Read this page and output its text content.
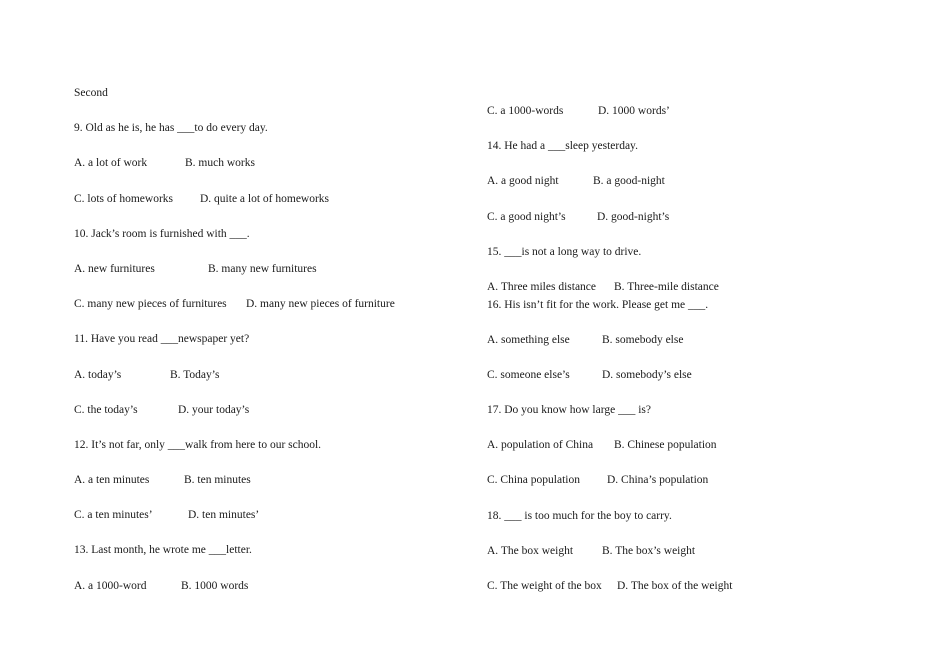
Second
9. Old as he is, he has ___to do every day.
A. a lot of work	B. much works
C. lots of homeworks D. quite a lot of homeworks
10. Jack’s room is furnished with ___.
A. new furnitures	B. many new furnitures
C. many new pieces of furnitures D. many new pieces of furniture
11. Have you read ___newspaper yet?
A. today’s	B. Today’s
C. the today’s	D. your today’s
12. It’s not far, only ___walk from here to our school.
A. a ten minutes	B. ten minutes
C. a ten minutes’	D. ten minutes’
13. Last month, he wrote me ___letter.
A. a 1000-word	B. 1000 words
C. a 1000-words	D. 1000 words’
14. He had a ___sleep yesterday.
A. a good night	B. a good-night
C. a good night’s	D. good-night’s
15. ___is not a long way to drive.
A. Three miles distance B. Three-mile distance
16. His isn’t fit for the work. Please get me ___.
A. something else	B. somebody else
C. someone else’s	D. somebody’s else
17. Do you know how large ___ is?
A. population of China B. Chinese population
C. China population D. China’s population
18. ___ is too much for the boy to carry.
A. The box weight	B. The box’s weight
C. The weight of the box D. The box of the weight
